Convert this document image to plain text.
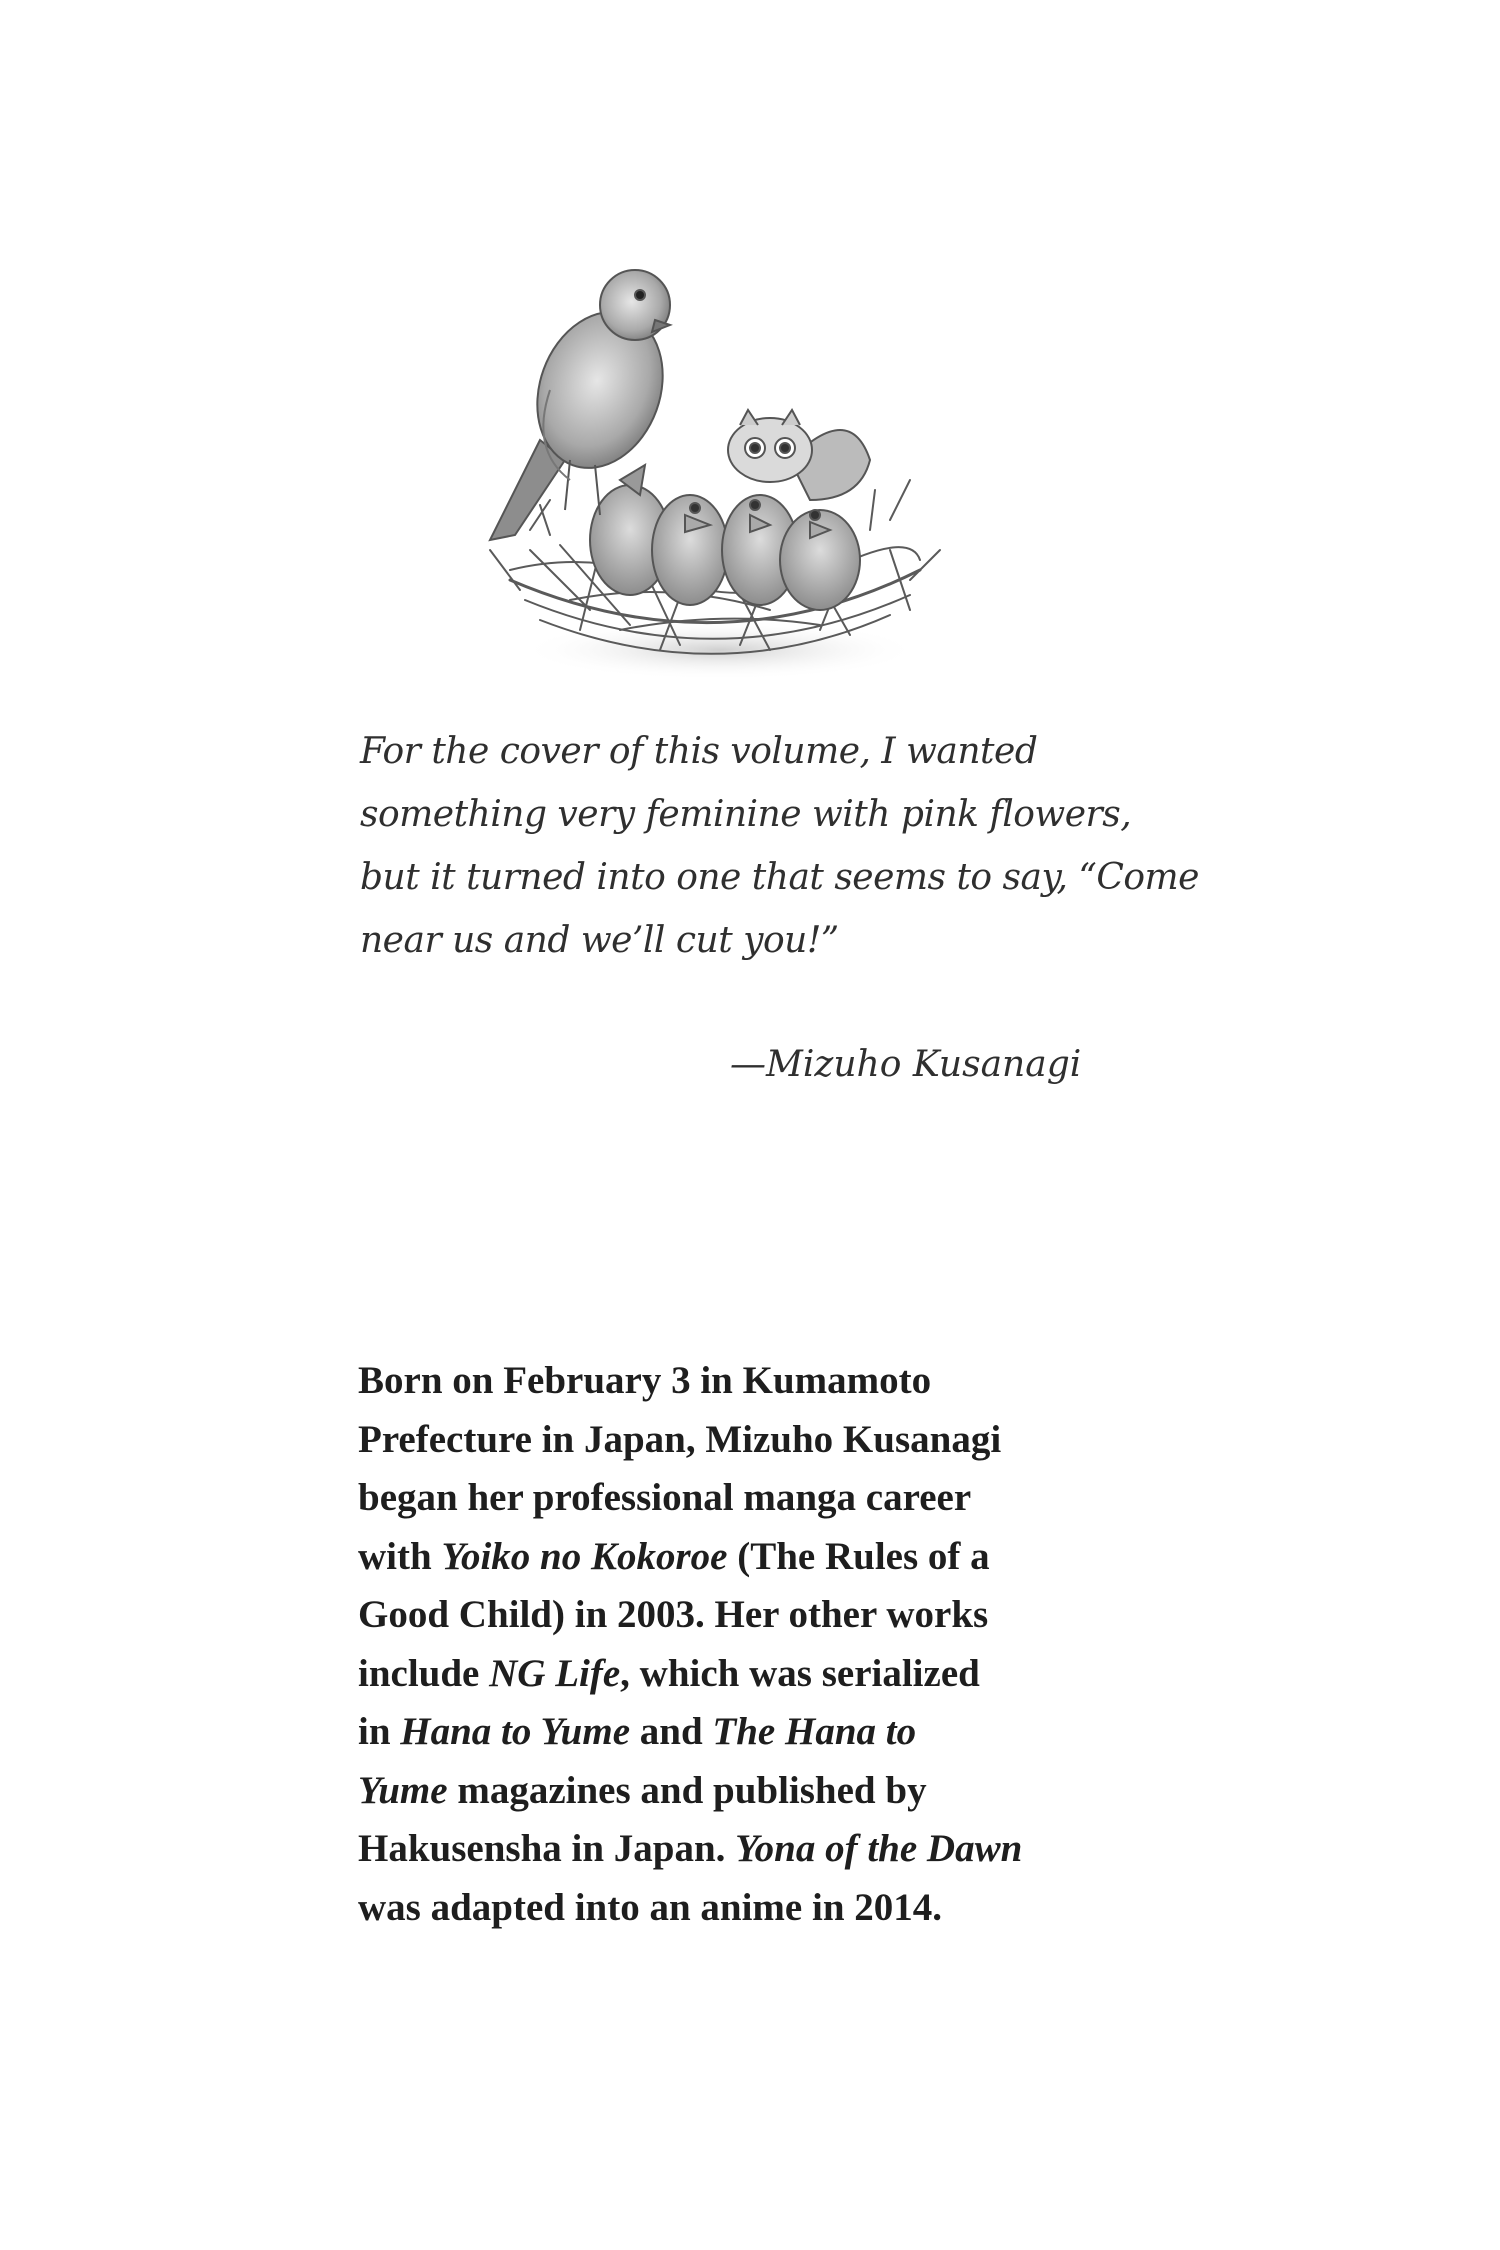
For the cover of this volume, I wanted
something very feminine with pink flowers,
but it turned into one that seems to say, “Come
near us and we’ll cut you!”
—Mizuho Kusanagi
Born on February 3 in Kumamoto
Prefecture in Japan, Mizuho Kusanagi
began her professional manga career
with Yoiko no Kokoroe (The Rules of a
Good Child) in 2003. Her other works
include NG Life, which was serialized
in Hana to Yume and The Hana to
Yume magazines and published by
Hakusensha in Japan. Yona of the Dawn
was adapted into an anime in 2014.
